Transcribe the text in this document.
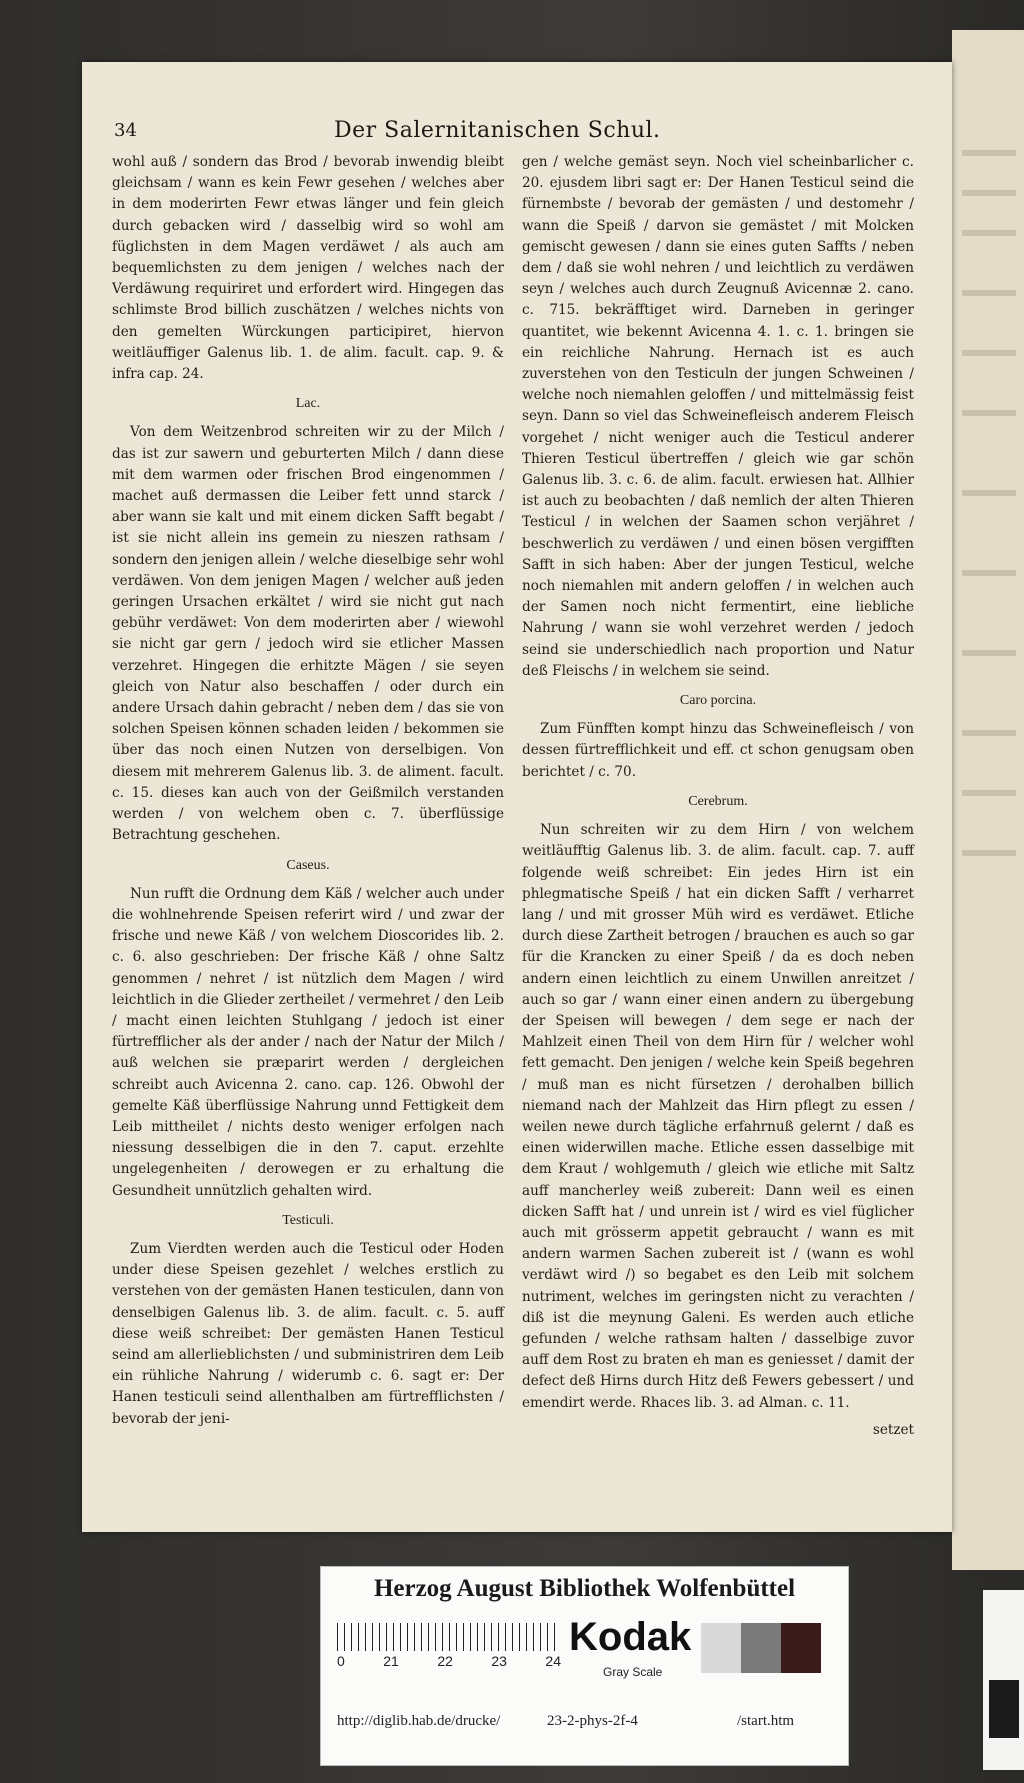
34	Der Salernitanischen Schul.

wohl auß / sondern das Brod / bevorab inwendig bleibt gleichsam / wann es kein Fewr gesehen / welches aber in dem moderirten Fewr etwas länger und fein gleich durch gebacken wird / dasselbig wird so wohl am füglichsten in dem Magen verdäwet / als auch am bequemlichsten zu dem jenigen / welches nach der Verdäwung requiriret und erfordert wird. Hingegen das schlimste Brod billich zuschätzen / welches nichts von den gemelten Würckungen participiret, hiervon weitläuffiger Galenus lib. 1. de alim. facult. cap. 9. & infra cap. 24.

Lac.

Von dem Weitzenbrod schreiten wir zu der Milch / das ist zur sawern und geburterten Milch / dann diese mit dem warmen oder frischen Brod eingenommen / machet auß dermassen die Leiber fett unnd starck / aber wann sie kalt und mit einem dicken Safft begabt / ist sie nicht allein ins gemein zu nieszen rathsam / sondern den jenigen allein / welche dieselbige sehr wohl verdäwen. Von dem jenigen Magen / welcher auß jeden geringen Ursachen erkältet / wird sie nicht gut nach gebühr verdäwet: Von dem moderirten aber / wiewohl sie nicht gar gern / jedoch wird sie etlicher Massen verzehret. Hingegen die erhitzte Mägen / sie seyen gleich von Natur also beschaffen / oder durch ein andere Ursach dahin gebracht / neben dem / das sie von solchen Speisen können schaden leiden / bekommen sie über das noch einen Nutzen von derselbigen. Von diesem mit mehrerem Galenus lib. 3. de aliment. facult. c. 15. dieses kan auch von der Geißmilch verstanden werden / von welchem oben c. 7. überflüssige Betrachtung geschehen.

Caseus.

Nun rufft die Ordnung dem Käß / welcher auch under die wohlnehrende Speisen referirt wird / und zwar der frische und newe Käß / von welchem Dioscorides lib. 2. c. 6. also geschrieben: Der frische Käß / ohne Saltz genommen / nehret / ist nützlich dem Magen / wird leichtlich in die Glieder zertheilet / vermehret / den Leib / macht einen leichten Stuhlgang / jedoch ist einer fürtrefflicher als der ander / nach der Natur der Milch / auß welchen sie præparirt werden / dergleichen schreibt auch Avicenna 2. cano. cap. 126. Obwohl der gemelte Käß überflüssige Nahrung unnd Fettigkeit dem Leib mittheilet / nichts desto weniger erfolgen nach niessung desselbigen die in den 7. caput. erzehlte ungelegenheiten / derowegen er zu erhaltung die Gesundheit unnützlich gehalten wird.

Testiculi.

Zum Vierdten werden auch die Testicul oder Hoden under diese Speisen gezehlet / welches erstlich zu verstehen von der gemästen Hanen testiculen, dann von denselbigen Galenus lib. 3. de alim. facult. c. 5. auff diese weiß schreibet: Der gemästen Hanen Testicul seind am allerlieblichsten / und subministriren dem Leib ein rühliche Nahrung / widerumb c. 6. sagt er: Der Hanen testiculi seind allenthalben am fürtrefflichsten / bevorab der jeni-

gen / welche gemäst seyn. Noch viel scheinbarlicher c. 20. ejusdem libri sagt er: Der Hanen Testicul seind die fürnembste / bevorab der gemästen / und destomehr / wann die Speiß / darvon sie gemästet / mit Molcken gemischt gewesen / dann sie eines guten Saffts / neben dem / daß sie wohl nehren / und leichtlich zu verdäwen seyn / welches auch durch Zeugnuß Avicennæ 2. cano. c. 715. bekräfftiget wird. Darneben in geringer quantitet, wie bekennt Avicenna 4. 1. c. 1. bringen sie ein reichliche Nahrung. Hernach ist es auch zuverstehen von den Testiculn der jungen Schweinen / welche noch niemahlen geloffen / und mittelmässig feist seyn. Dann so viel das Schweinefleisch anderem Fleisch vorgehet / nicht weniger auch die Testicul anderer Thieren Testicul übertreffen / gleich wie gar schön Galenus lib. 3. c. 6. de alim. facult. erwiesen hat. Allhier ist auch zu beobachten / daß nemlich der alten Thieren Testicul / in welchen der Saamen schon verjähret / beschwerlich zu verdäwen / und einen bösen vergifften Safft in sich haben: Aber der jungen Testicul, welche noch niemahlen mit andern geloffen / in welchen auch der Samen noch nicht fermentirt, eine liebliche Nahrung / wann sie wohl verzehret werden / jedoch seind sie underschiedlich nach proportion und Natur deß Fleischs / in welchem sie seind.

Caro porcina.

Zum Fünfften kompt hinzu das Schweinefleisch / von dessen fürtrefflichkeit und eff. ct schon genugsam oben berichtet / c. 70.

Cerebrum.

Nun schreiten wir zu dem Hirn / von welchem weitläufftig Galenus lib. 3. de alim. facult. cap. 7. auff folgende weiß schreibet: Ein jedes Hirn ist ein phlegmatische Speiß / hat ein dicken Safft / verharret lang / und mit grosser Müh wird es verdäwet. Etliche durch diese Zartheit betrogen / brauchen es auch so gar für die Krancken zu einer Speiß / da es doch neben andern einen leichtlich zu einem Unwillen anreitzet / auch so gar / wann einer einen andern zu übergebung der Speisen will bewegen / dem sege er nach der Mahlzeit einen Theil von dem Hirn für / welcher wohl fett gemacht. Den jenigen / welche kein Speiß begehren / muß man es nicht fürsetzen / derohalben billich niemand nach der Mahlzeit das Hirn pflegt zu essen / weilen newe durch tägliche erfahrnuß gelernt / daß es einen widerwillen mache. Etliche essen dasselbige mit dem Kraut / wohlgemuth / gleich wie etliche mit Saltz auff mancherley weiß zubereit: Dann weil es einen dicken Safft hat / und unrein ist / wird es viel füglicher auch mit grösserm appetit gebraucht / wann es mit andern warmen Sachen zubereit ist / (wann es wohl verdäwt wird /) so begabet es den Leib mit solchem nutriment, welches im geringsten nicht zu verachten / diß ist die meynung Galeni. Es werden auch etliche gefunden / welche rathsam halten / dasselbige zuvor auff dem Rost zu braten eh man es geniesset / damit der defect deß Hirns durch Hitz deß Fewers gebessert / und emendirt werde. Rhaces lib. 3. ad Alman. c. 11.

setzet
Herzog August Bibliothek Wolfenbüttel
0	21	22	23	24
Kodak
Gray Scale
http://diglib.hab.de/drucke/	23-2-phys-2f-4	/start.htm
